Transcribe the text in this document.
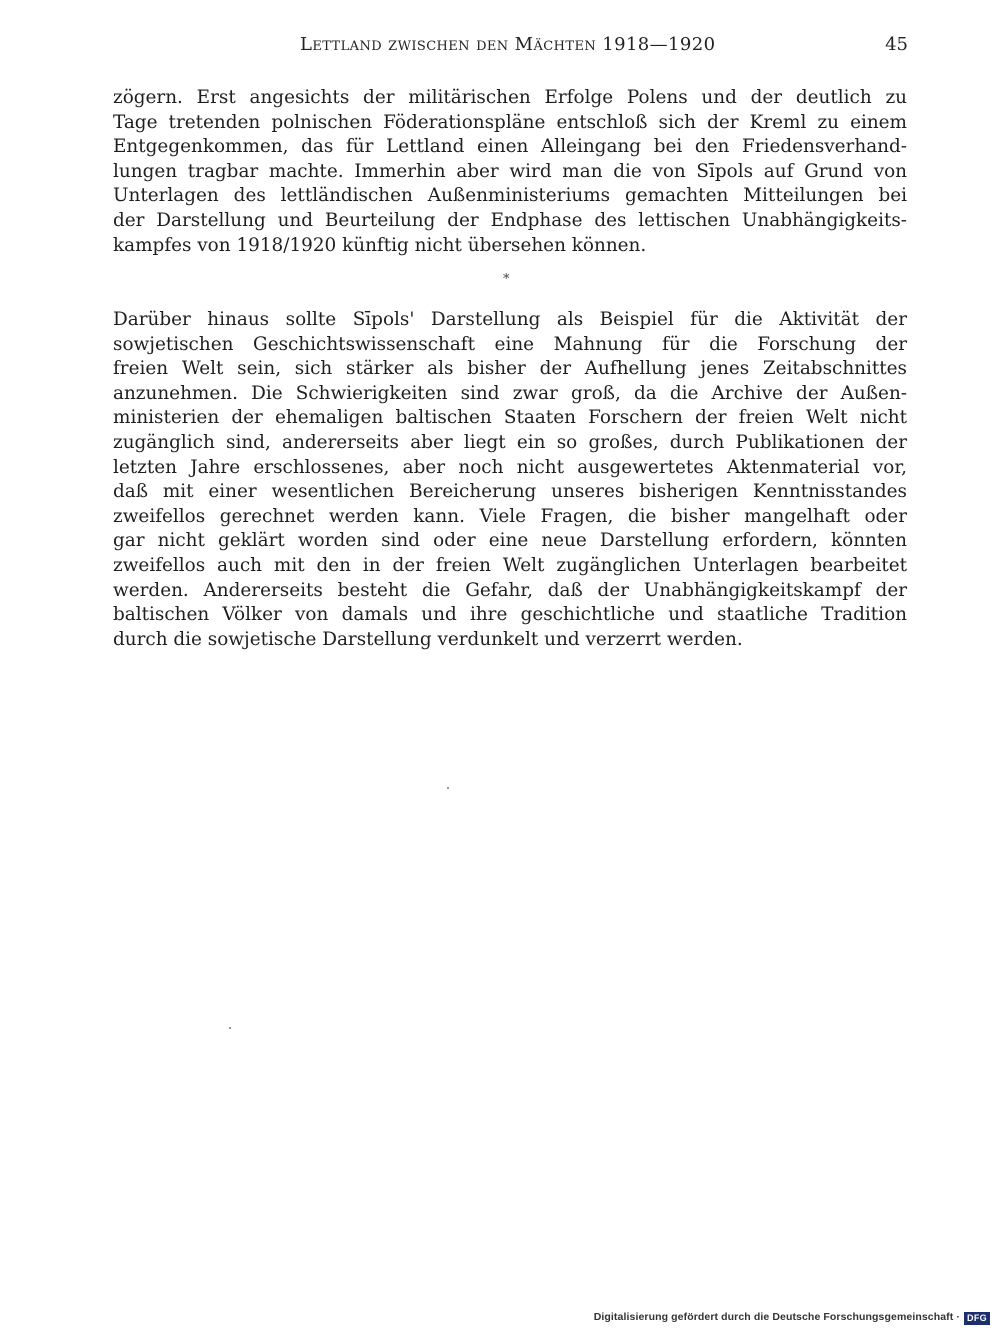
Lettland zwischen den Mächten 1918—1920	45
zögern. Erst angesichts der militärischen Erfolge Polens und der deutlich zu
Tage tretenden polnischen Föderationspläne entschloß sich der Kreml zu einem
Entgegenkommen, das für Lettland einen Alleingang bei den Friedensverhand-
lungen tragbar machte. Immerhin aber wird man die von Sīpols auf Grund von
Unterlagen des lettländischen Außenministeriums gemachten Mitteilungen bei
der Darstellung und Beurteilung der Endphase des lettischen Unabhängigkeits-
kampfes von 1918/1920 künftig nicht übersehen können.
*
Darüber hinaus sollte Sīpols' Darstellung als Beispiel für die Aktivität der
sowjetischen Geschichtswissenschaft eine Mahnung für die Forschung der
freien Welt sein, sich stärker als bisher der Aufhellung jenes Zeitabschnittes
anzunehmen. Die Schwierigkeiten sind zwar groß, da die Archive der Außen-
ministerien der ehemaligen baltischen Staaten Forschern der freien Welt nicht
zugänglich sind, andererseits aber liegt ein so großes, durch Publikationen der
letzten Jahre erschlossenes, aber noch nicht ausgewertetes Aktenmaterial vor,
daß mit einer wesentlichen Bereicherung unseres bisherigen Kenntnisstandes
zweifellos gerechnet werden kann. Viele Fragen, die bisher mangelhaft oder
gar nicht geklärt worden sind oder eine neue Darstellung erfordern, könnten
zweifellos auch mit den in der freien Welt zugänglichen Unterlagen bearbeitet
werden. Andererseits besteht die Gefahr, daß der Unabhängigkeitskampf der
baltischen Völker von damals und ihre geschichtliche und staatliche Tradition
durch die sowjetische Darstellung verdunkelt und verzerrt werden.
Digitalisierung gefördert durch die Deutsche Forschungsgemeinschaft · DFG
